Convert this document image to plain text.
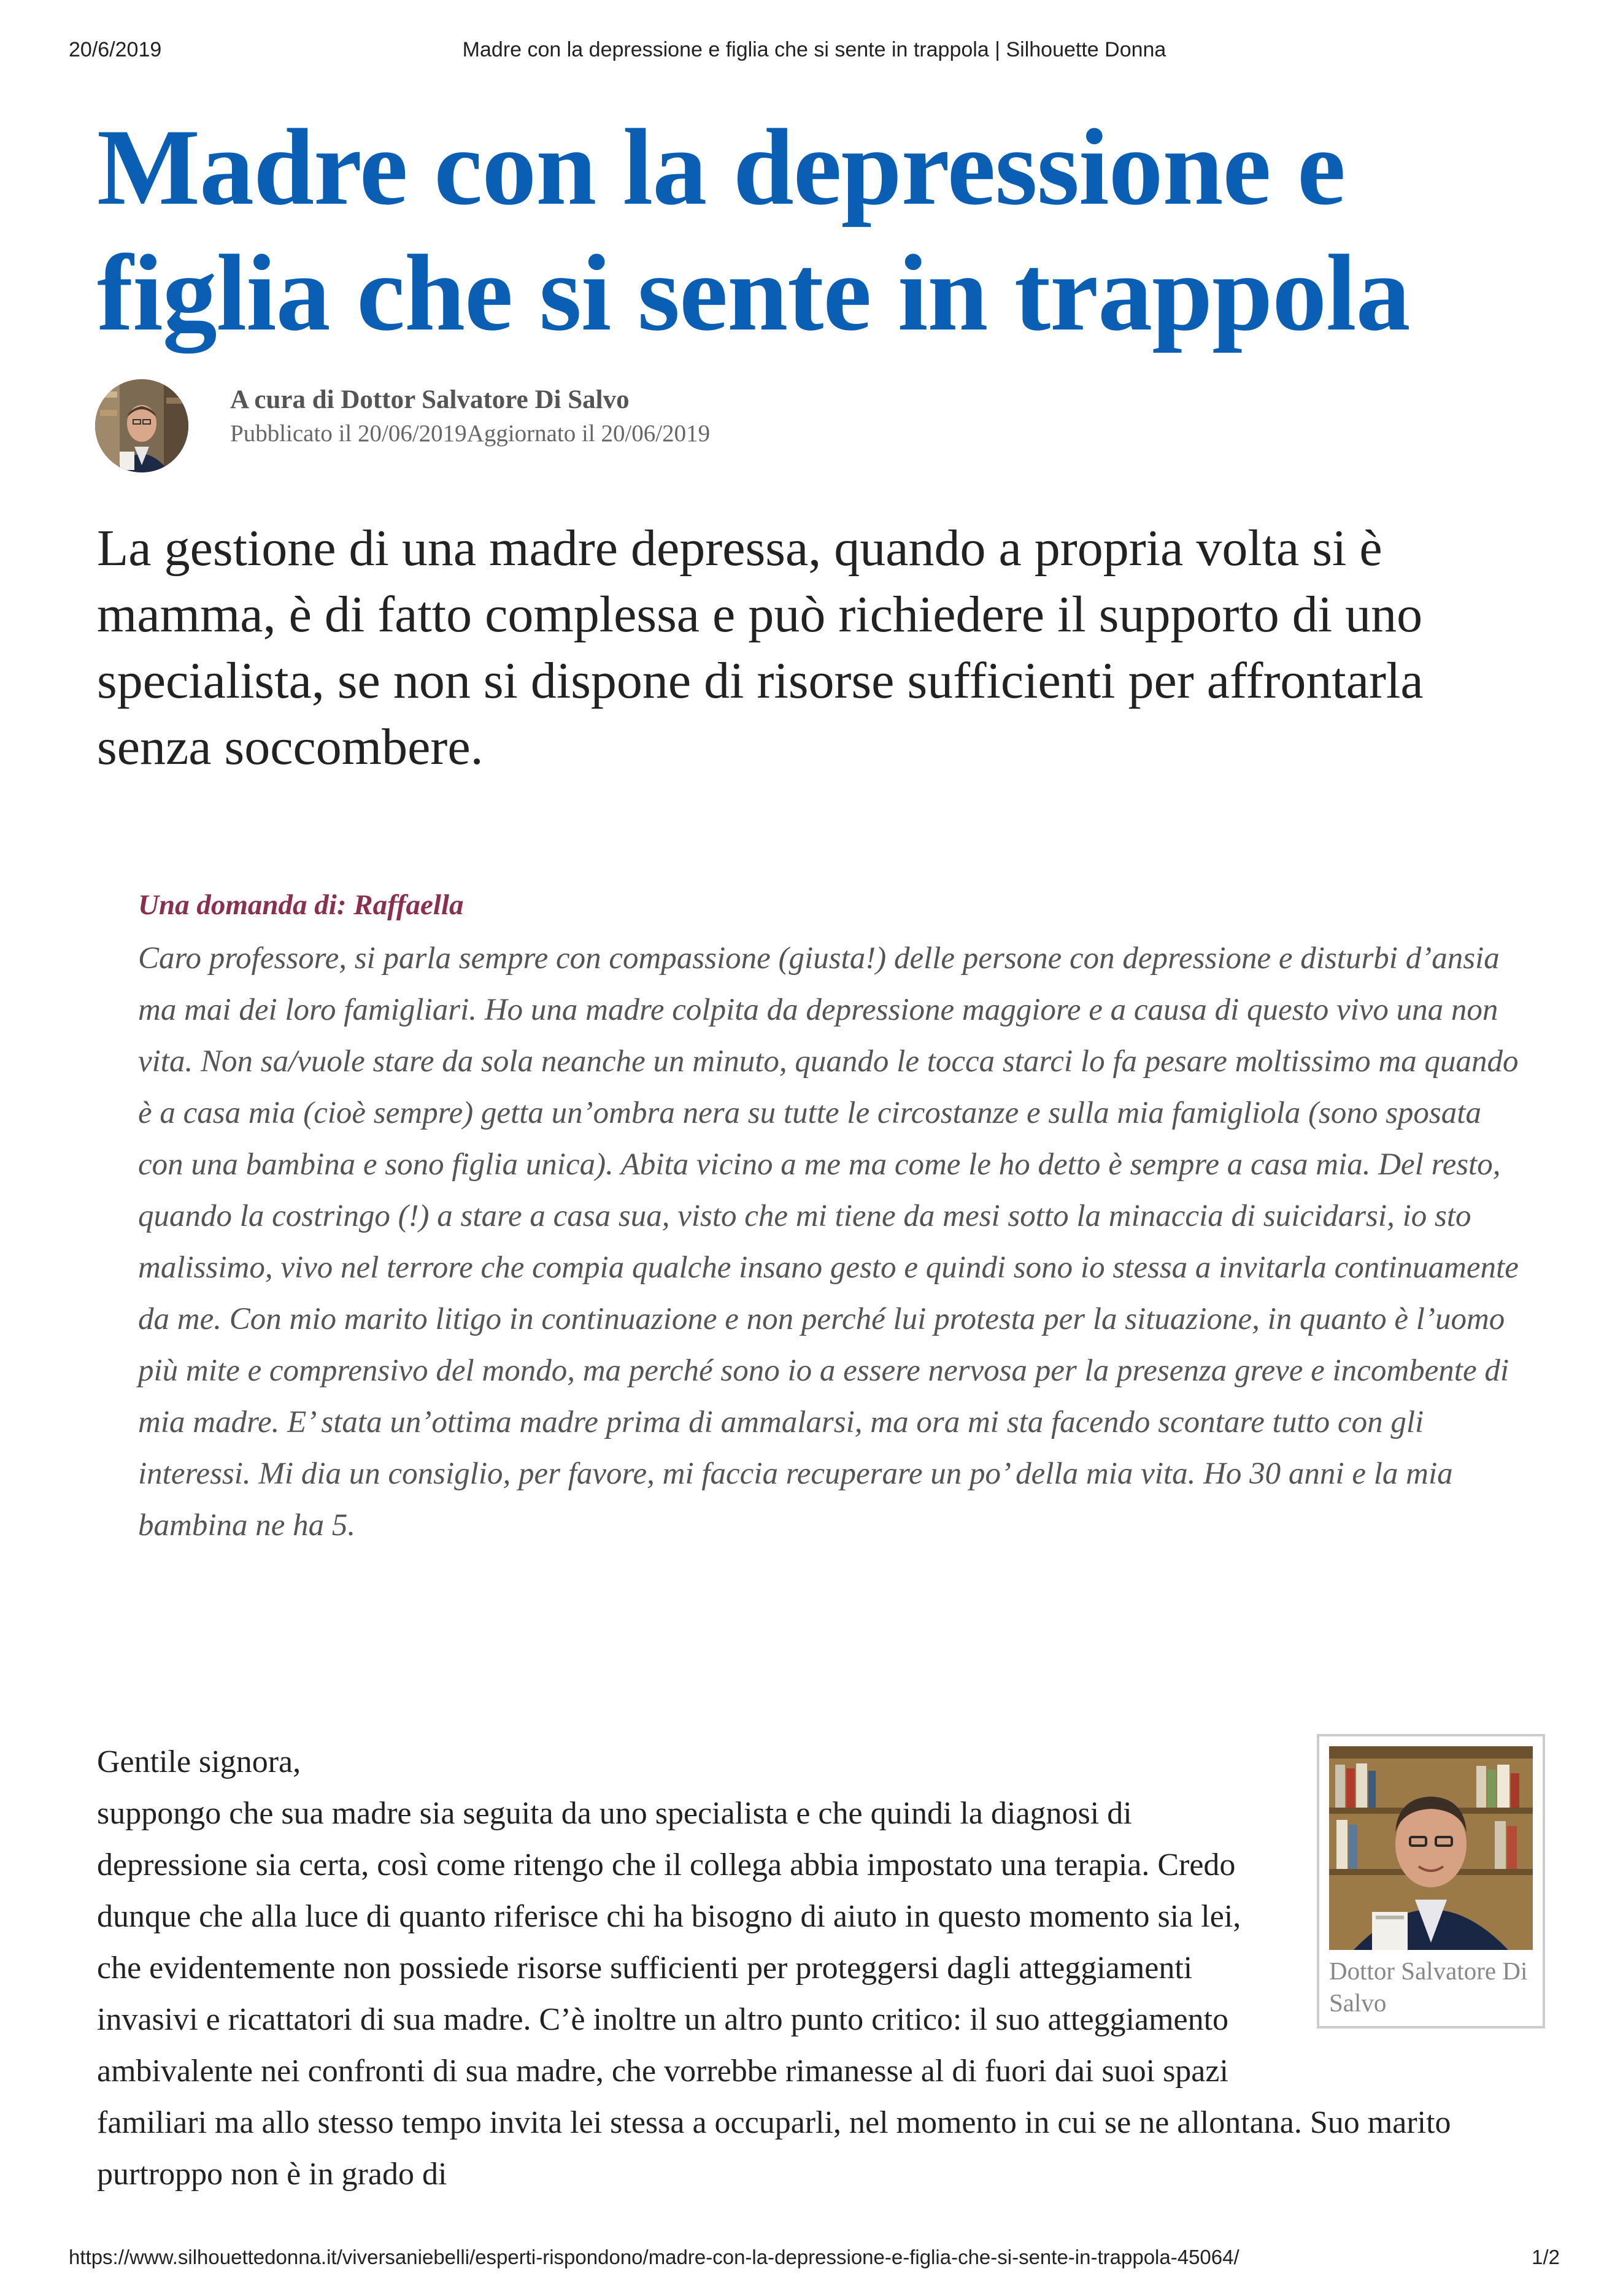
20/6/2019	Madre con la depressione e figlia che si sente in trappola | Silhouette Donna
Madre con la depressione e figlia che si sente in trappola
A cura di Dottor Salvatore Di Salvo
Pubblicato il 20/06/2019Aggiornato il 20/06/2019

La gestione di una madre depressa, quando a propria volta si è mamma, è di fatto complessa e può richiedere il supporto di uno specialista, se non si dispone di risorse sufficienti per affrontarla senza soccombere.

Una domanda di: Raffaella

Caro professore, si parla sempre con compassione (giusta!) delle persone con depressione e disturbi d’ansia ma mai dei loro famigliari. Ho una madre colpita da depressione maggiore e a causa di questo vivo una non vita. Non sa/vuole stare da sola neanche un minuto, quando le tocca starci lo fa pesare moltissimo ma quando è a casa mia (cioè sempre) getta un’ombra nera su tutte le circostanze e sulla mia famigliola (sono sposata con una bambina e sono figlia unica). Abita vicino a me ma come le ho detto è sempre a casa mia. Del resto, quando la costringo (!) a stare a casa sua, visto che mi tiene da mesi sotto la minaccia di suicidarsi, io sto malissimo, vivo nel terrore che compia qualche insano gesto e quindi sono io stessa a invitarla continuamente da me. Con mio marito litigo in continuazione e non perché lui protesta per la situazione, in quanto è l’uomo più mite e comprensivo del mondo, ma perché sono io a essere nervosa per la presenza greve e incombente di mia madre. E’ stata un’ottima madre prima di ammalarsi, ma ora mi sta facendo scontare tutto con gli interessi. Mi dia un consiglio, per favore, mi faccia recuperare un po’ della mia vita. Ho 30 anni e la mia bambina ne ha 5.

Dottor Salvatore Di Salvo

Gentile signora,

suppongo che sua madre sia seguita da uno specialista e che quindi la diagnosi di depressione sia certa, così come ritengo che il collega abbia impostato una terapia. Credo dunque che alla luce di quanto riferisce chi ha bisogno di aiuto in questo momento sia lei, che evidentemente non possiede risorse sufficienti per proteggersi dagli atteggiamenti invasivi e ricattatori di sua madre. C’è inoltre un altro punto critico: il suo atteggiamento ambivalente nei confronti di sua madre, che vorrebbe rimanesse al di fuori dai suoi spazi familiari ma allo stesso tempo invita lei stessa a occuparli, nel momento in cui se ne allontana. Suo marito purtroppo non è in grado di

https://www.silhouettedonna.it/viversaniebelli/esperti-rispondono/madre-con-la-depressione-e-figlia-che-si-sente-in-trappola-45064/	1/2
